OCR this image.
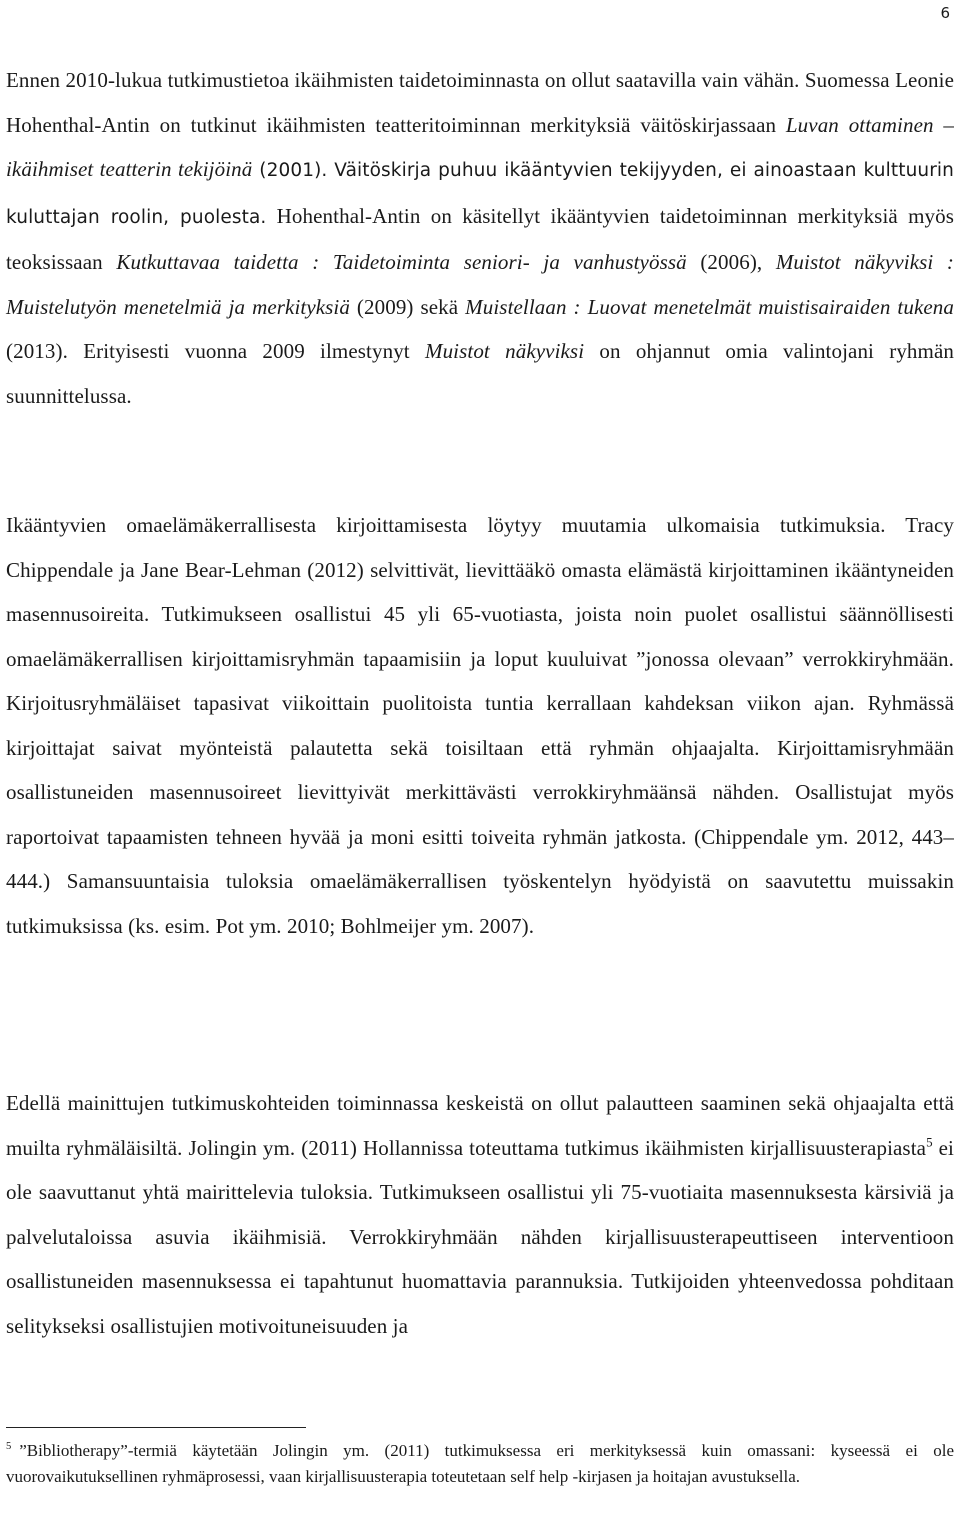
6

Ennen 2010-lukua tutkimustietoa ikäihmisten taidetoiminnasta on ollut saatavilla vain vähän. Suomessa Leonie Hohenthal-Antin on tutkinut ikäihmisten teatteritoiminnan merkityksiä väitöskirjassaan Luvan ottaminen – ikäihmiset teatterin tekijöinä (2001). Väitöskirja puhuu ikääntyvien tekijyyden, ei ainoastaan kulttuurin kuluttajan roolin, puolesta. Hohenthal-Antin on käsitellyt ikääntyvien taidetoiminnan merkityksiä myös teoksissaan Kutkuttavaa taidetta : Taidetoiminta seniori- ja vanhustyössä (2006), Muistot näkyviksi : Muistelutyön menetelmiä ja merkityksiä (2009) sekä Muistellaan : Luovat menetelmät muistisairaiden tukena (2013). Erityisesti vuonna 2009 ilmestynyt Muistot näkyviksi on ohjannut omia valintojani ryhmän suunnittelussa.

Ikääntyvien omaelämäkerrallisesta kirjoittamisesta löytyy muutamia ulkomaisia tutkimuksia. Tracy Chippendale ja Jane Bear-Lehman (2012) selvittivät, lievittääkö omasta elämästä kirjoittaminen ikääntyneiden masennusoireita. Tutkimukseen osallistui 45 yli 65-vuotiasta, joista noin puolet osallistui säännöllisesti omaelämäkerrallisen kirjoittamisryhmän tapaamisiin ja loput kuuluivat ”jonossa olevaan” verrokkiryhmään. Kirjoitusryhmäläiset tapasivat viikoittain puolitoista tuntia kerrallaan kahdeksan viikon ajan. Ryhmässä kirjoittajat saivat myönteistä palautetta sekä toisiltaan että ryhmän ohjaajalta. Kirjoittamisryhmään osallistuneiden masennusoireet lievittyivät merkittävästi verrokkiryhmäänsä nähden. Osallistujat myös raportoivat tapaamisten tehneen hyvää ja moni esitti toiveita ryhmän jatkosta. (Chippendale ym. 2012, 443–444.) Samansuuntaisia tuloksia omaelämäkerrallisen työskentelyn hyödyistä on saavutettu muissakin tutkimuksissa (ks. esim. Pot ym. 2010; Bohlmeijer ym. 2007).

Edellä mainittujen tutkimuskohteiden toiminnassa keskeistä on ollut palautteen saaminen sekä ohjaajalta että muilta ryhmäläisiltä. Jolingin ym. (2011) Hollannissa toteuttama tutkimus ikäihmisten kirjallisuusterapiasta$^5$ ei ole saavuttanut yhtä mairittelevia tuloksia. Tutkimukseen osallistui yli 75-vuotiaita masennuksesta kärsiviä ja palvelutaloissa asuvia ikäihmisiä. Verrokkiryhmään nähden kirjallisuusterapeuttiseen interventioon osallistuneiden masennuksessa ei tapahtunut huomattavia parannuksia. Tutkijoiden yhteenvedossa pohditaan selitykseksi osallistujien motivoituneisuuden ja

$^5$ ”Bibliotherapy”-termiä käytetään Jolingin ym. (2011) tutkimuksessa eri merkityksessä kuin omassani: kyseessä ei ole vuorovaikutuksellinen ryhmäprosessi, vaan kirjallisuusterapia toteutetaan self help -kirjasen ja hoitajan avustuksella.
